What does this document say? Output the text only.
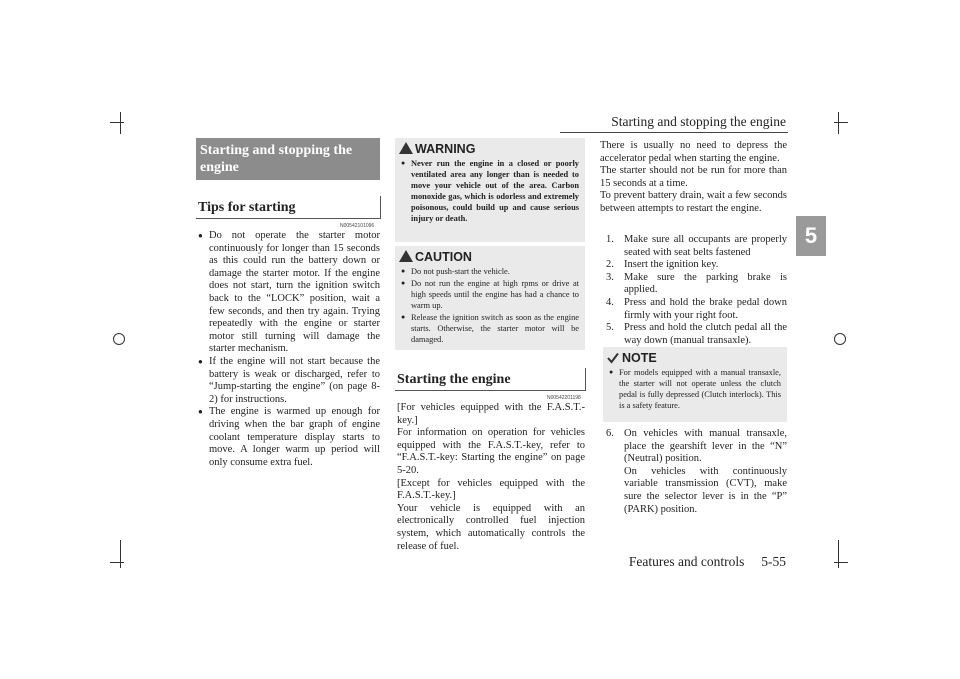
Starting and stopping the engine
Features and controls     5-55
5
Starting and stopping the engine
Tips for starting
N00542101096
● Do not operate the starter motor continuously for longer than 15 seconds as this could run the battery down or damage the starter motor. If the engine does not start, turn the ignition switch back to the “LOCK” position, wait a few seconds, and then try again. Trying repeatedly with the engine or starter motor still turning will damage the starter mechanism.
● If the engine will not start because the battery is weak or discharged, refer to “Jump-starting the engine” (on page 8-2) for instructions.
● The engine is warmed up enough for driving when the bar graph of engine coolant temperature display starts to move. A longer warm up period will only consume extra fuel.
WARNING
● Never run the engine in a closed or poorly ventilated area any longer than is needed to move your vehicle out of the area. Carbon monoxide gas, which is odorless and extremely poisonous, could build up and cause serious injury or death.
CAUTION
● Do not push-start the vehicle.
● Do not run the engine at high rpms or drive at high speeds until the engine has had a chance to warm up.
● Release the ignition switch as soon as the engine starts. Otherwise, the starter motor will be damaged.
Starting the engine
N00542201198

[For vehicles equipped with the F.A.S.T.-key.]

For information on operation for vehicles equipped with the F.A.S.T.-key, refer to “F.A.S.T.-key: Starting the engine” on page 5-20.

[Except for vehicles equipped with the F.A.S.T.-key.]

Your vehicle is equipped with an electronically controlled fuel injection system, which automatically controls the release of fuel.

There is usually no need to depress the accelerator pedal when starting the engine.

The starter should not be run for more than 15 seconds at a time.

To prevent battery drain, wait a few seconds between attempts to restart the engine.

1. Make sure all occupants are properly seated with seat belts fastened
2. Insert the ignition key.
3. Make sure the parking brake is applied.
4. Press and hold the brake pedal down firmly with your right foot.
5. Press and hold the clutch pedal all the way down (manual transaxle).
NOTE
● For models equipped with a manual transaxle, the starter will not operate unless the clutch pedal is fully depressed (Clutch interlock). This is a safety feature.
6. On vehicles with manual transaxle, place the gearshift lever in the “N” (Neutral) position.
On vehicles with continuously variable transmission (CVT), make sure the selector lever is in the “P” (PARK) position.
